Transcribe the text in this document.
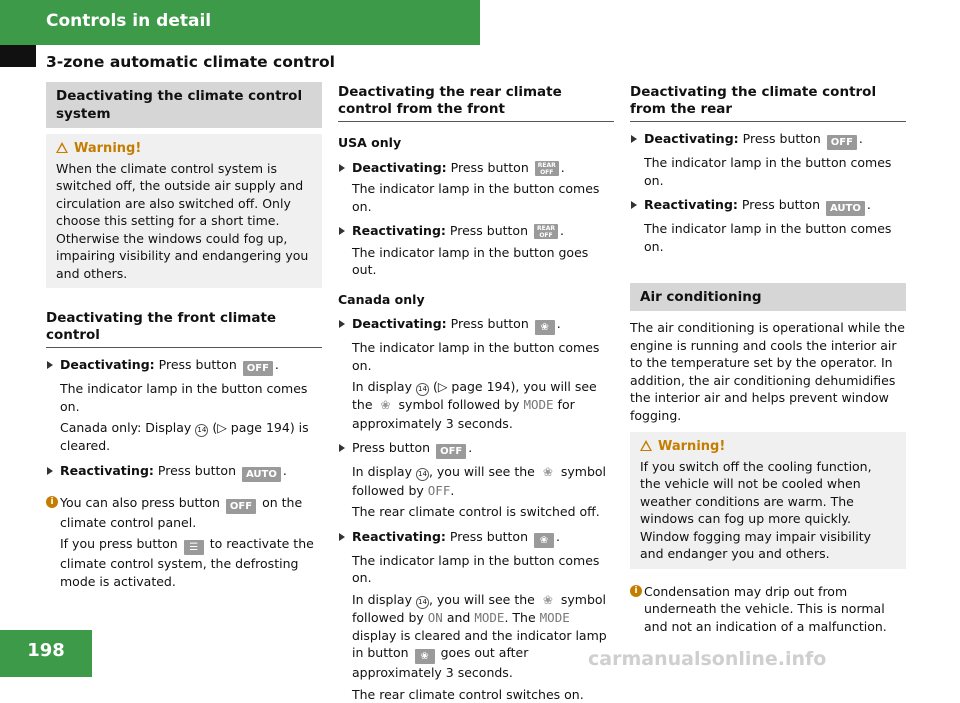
Controls in detail
3-zone automatic climate control
Deactivating the climate control system
Warning!
When the climate control system is switched off, the outside air supply and circulation are also switched off. Only choose this setting for a short time. Otherwise the windows could fog up, impairing visibility and endangering you and others.
Deactivating the front climate control
Deactivating: Press button OFF .
The indicator lamp in the button comes on.
Canada only: Display 14 (▷ page 194) is cleared.
Reactivating: Press button AUTO .
i You can also press button OFF on the climate control panel.
If you press button ☰ to reactivate the climate control system, the defrosting mode is activated.
Deactivating the rear climate control from the front
USA only
Deactivating: Press button REAR
OFF .
The indicator lamp in the button comes on.
Reactivating: Press button REAR
OFF .
The indicator lamp in the button goes out.
Canada only
Deactivating: Press button ❀ .
The indicator lamp in the button comes on.
In display 14 (▷ page 194), you will see the ❀ symbol followed by MODE for approximately 3 seconds.
Press button OFF .
In display 14 , you will see the ❀ symbol followed by OFF.
The rear climate control is switched off.
Reactivating: Press button ❀ .
The indicator lamp in the button comes on.
In display 14 , you will see the ❀ symbol followed by ON and MODE. The MODE display is cleared and the indicator lamp in button ❀ goes out after approximately 3 seconds.
The rear climate control switches on.
Deactivating the climate control from the rear
Deactivating: Press button OFF .
The indicator lamp in the button comes on.
Reactivating: Press button AUTO .
The indicator lamp in the button comes on.
Air conditioning
The air conditioning is operational while the engine is running and cools the interior air to the temperature set by the operator. In addition, the air conditioning dehumidifies the interior air and helps prevent window fogging.
Warning!
If you switch off the cooling function, the vehicle will not be cooled when weather conditions are warm. The windows can fog up more quickly. Window fogging may impair visibility and endanger you and others.
i Condensation may drip out from underneath the vehicle. This is normal and not an indication of a malfunction.
198	carmanualsonline.info
